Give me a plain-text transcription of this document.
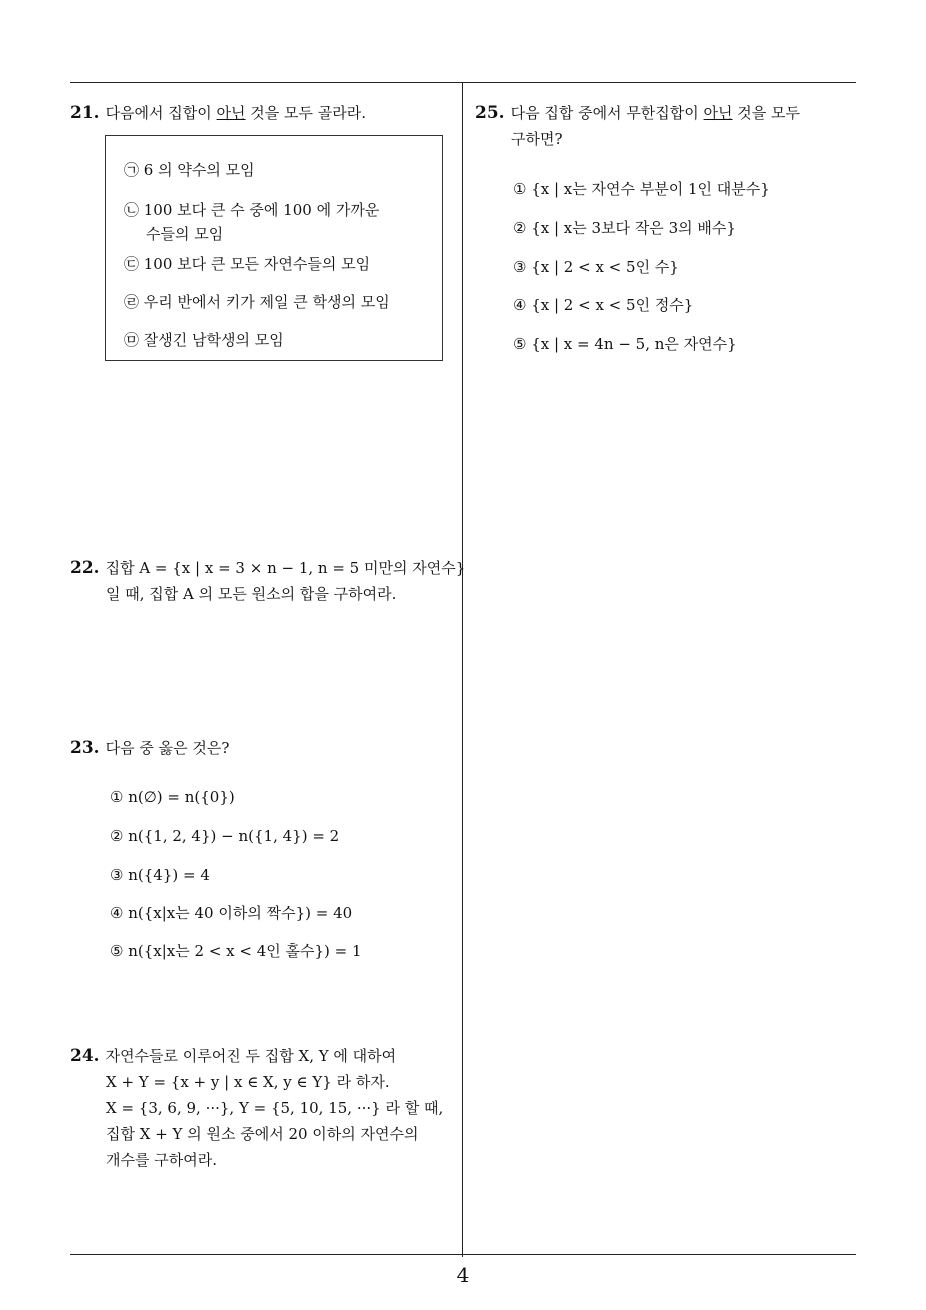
21. 다음에서 집합이 아닌 것을 모두 골라라.
㉠ 6 의 약수의 모임
㉡ 100 보다 큰 수 중에 100 에 가까운
수들의 모임
㉢ 100 보다 큰 모든 자연수들의 모임
㉣ 우리 반에서 키가 제일 큰 학생의 모임
㉤ 잘생긴 남학생의 모임
22. 집합 A = {x | x = 3 × n − 1, n = 5 미만의 자연수}
일 때, 집합 A 의 모든 원소의 합을 구하여라.
23. 다음 중 옳은 것은?
① n(∅) = n({0})
② n({1, 2, 4}) − n({1, 4}) = 2
③ n({4}) = 4
④ n({x|x는 40 이하의 짝수}) = 40
⑤ n({x|x는 2 < x < 4인 홀수}) = 1
24. 자연수들로 이루어진 두 집합 X, Y 에 대하여
X + Y = {x + y | x ∈ X, y ∈ Y} 라 하자.
X = {3, 6, 9, ···}, Y = {5, 10, 15, ···} 라 할 때,
집합 X + Y 의 원소 중에서 20 이하의 자연수의
개수를 구하여라.
25. 다음 집합 중에서 무한집합이 아닌 것을 모두
구하면?
① {x | x는 자연수 부분이 1인 대분수}
② {x | x는 3보다 작은 3의 배수}
③ {x | 2 < x < 5인 수}
④ {x | 2 < x < 5인 정수}
⑤ {x | x = 4n − 5, n은 자연수}
4
